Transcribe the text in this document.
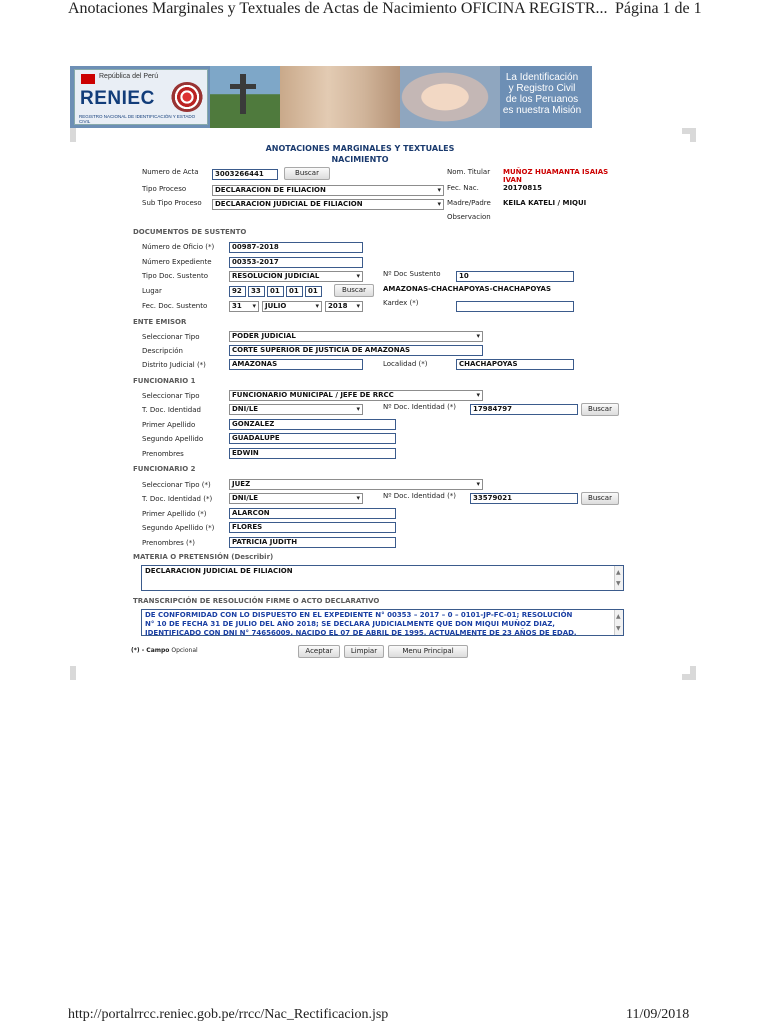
Anotaciones Marginales y Textuales de Actas de Nacimiento OFICINA REGISTR... Página 1 de 1
http://portalrrcc.reniec.gob.pe/rrcc/Nac_Rectificacion.jsp	11/09/2018
República del Perú
RENIEC
REGISTRO NACIONAL DE IDENTIFICACIÓN Y ESTADO CIVIL
La Identificación
y Registro Civil
de los Peruanos
es nuestra Misión
ANOTACIONES MARGINALES Y TEXTUALES
NACIMIENTO
Numero de Acta	3003266441	Buscar
Tipo Proceso	DECLARACION DE FILIACION	▾
Sub Tipo Proceso	DECLARACION JUDICIAL DE FILIACION	▾
Nom. Titular MUÑOZ HUAMANTA ISAIAS
IVAN
Fec. Nac.	20170815
Madre/Padre KEILA KATELI / MIQUI
Observacion
DOCUMENTOS DE SUSTENTO
Número de Oficio (*)	00987-2018
Número Expediente	00353-2017
Tipo Doc. Sustento	RESOLUCION JUDICIAL	▾	Nº Doc Sustento	10
Lugar	92	33	01	01	01	Buscar	AMAZONAS-CHACHAPOYAS-CHACHAPOYAS
Fec. Doc. Sustento	31 ▾	JULIO	▾	2018 ▾	Kardex (*)
ENTE EMISOR
Seleccionar Tipo	PODER JUDICIAL	▾
Descripción	CORTE SUPERIOR DE JUSTICIA DE AMAZONAS
Distrito Judicial (*)	AMAZONAS	Localidad (*)	CHACHAPOYAS
FUNCIONARIO 1
Seleccionar Tipo	FUNCIONARIO MUNICIPAL / JEFE DE RRCC	▾
T. Doc. Identidad	DNI/LE	▾	Nº Doc. Identidad (*)	17984797	Buscar
Primer Apellido	GONZALEZ
Segundo Apellido	GUADALUPE
Prenombres	EDWIN
FUNCIONARIO 2
Seleccionar Tipo (*)	JUEZ	▾
T. Doc. Identidad (*)	DNI/LE	▾	Nº Doc. Identidad (*)	33579021	Buscar
Primer Apellido (*)	ALARCON
Segundo Apellido (*)	FLORES
Prenombres (*)	PATRICIA JUDITH
MATERIA O PRETENSIÓN (Describir)
DECLARACION JUDICIAL DE FILIACION	▲
▼
TRANSCRIPCIÓN DE RESOLUCIÓN FIRME O ACTO DECLARATIVO
DE CONFORMIDAD CON LO DISPUESTO EN EL EXPEDIENTE N° 00353 – 2017 – 0 – 0101-JP-FC-01; RESOLUCIÓN
N° 10 DE FECHA 31 DE JULIO DEL AÑO 2018; SE DECLARA JUDICIALMENTE QUE DON MIQUI MUÑOZ DIAZ,
IDENTIFICADO CON DNI N° 74656009, NACIDO EL 07 DE ABRIL DE 1995, ACTUALMENTE DE 23 AÑOS DE EDAD,
▲
▼
(*) - Campo Opcional	Aceptar	Limpiar	Menu Principal
